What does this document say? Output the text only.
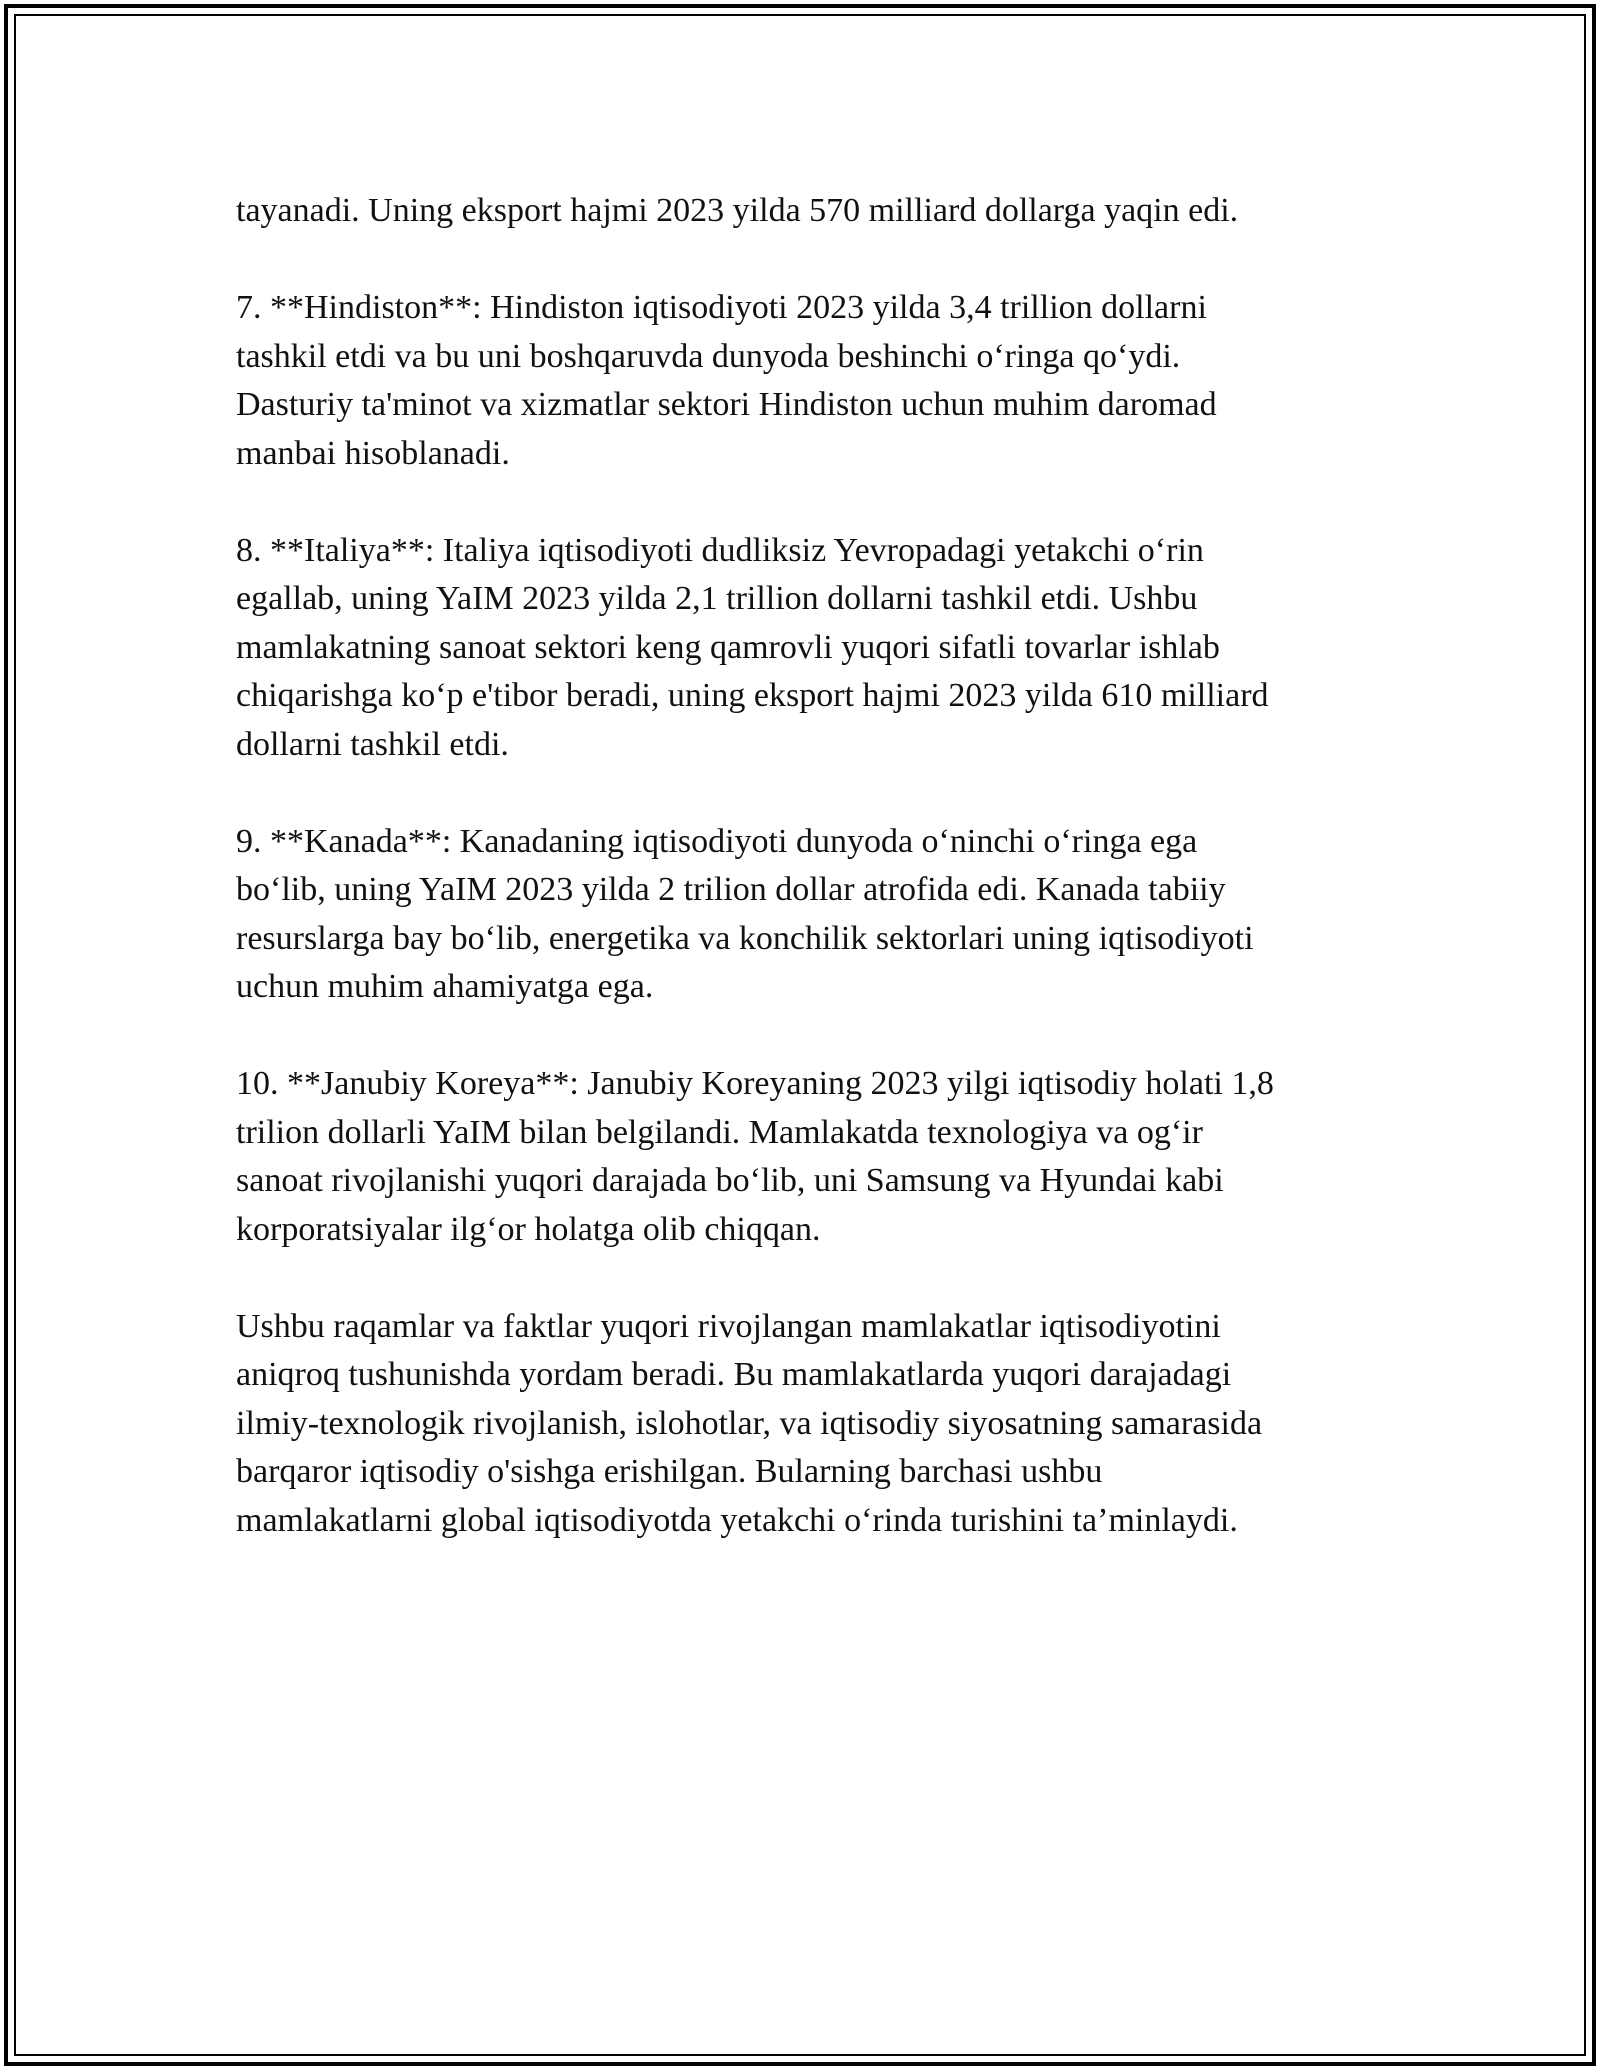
tayanadi. Uning eksport hajmi 2023 yilda 570 milliard dollarga yaqin edi.

7. **Hindiston**: Hindiston iqtisodiyoti 2023 yilda 3,4 trillion dollarni
tashkil etdi va bu uni boshqaruvda dunyoda beshinchi o‘ringa qo‘ydi.
Dasturiy ta'minot va xizmatlar sektori Hindiston uchun muhim daromad
manbai hisoblanadi.

8. **Italiya**: Italiya iqtisodiyoti dudliksiz Yevropadagi yetakchi o‘rin
egallab, uning YaIM 2023 yilda 2,1 trillion dollarni tashkil etdi. Ushbu
mamlakatning sanoat sektori keng qamrovli yuqori sifatli tovarlar ishlab
chiqarishga ko‘p e'tibor beradi, uning eksport hajmi 2023 yilda 610 milliard
dollarni tashkil etdi.

9. **Kanada**: Kanadaning iqtisodiyoti dunyoda o‘ninchi o‘ringa ega
bo‘lib, uning YaIM 2023 yilda 2 trilion dollar atrofida edi. Kanada tabiiy
resurslarga bay bo‘lib, energetika va konchilik sektorlari uning iqtisodiyoti
uchun muhim ahamiyatga ega.

10. **Janubiy Koreya**: Janubiy Koreyaning 2023 yilgi iqtisodiy holati 1,8
trilion dollarli YaIM bilan belgilandi. Mamlakatda texnologiya va og‘ir
sanoat rivojlanishi yuqori darajada bo‘lib, uni Samsung va Hyundai kabi
korporatsiyalar ilg‘or holatga olib chiqqan.

Ushbu raqamlar va faktlar yuqori rivojlangan mamlakatlar iqtisodiyotini
aniqroq tushunishda yordam beradi. Bu mamlakatlarda yuqori darajadagi
ilmiy-texnologik rivojlanish, islohotlar, va iqtisodiy siyosatning samarasida
barqaror iqtisodiy o'sishga erishilgan. Bularning barchasi ushbu
mamlakatlarni global iqtisodiyotda yetakchi o‘rinda turishini ta’minlaydi.
